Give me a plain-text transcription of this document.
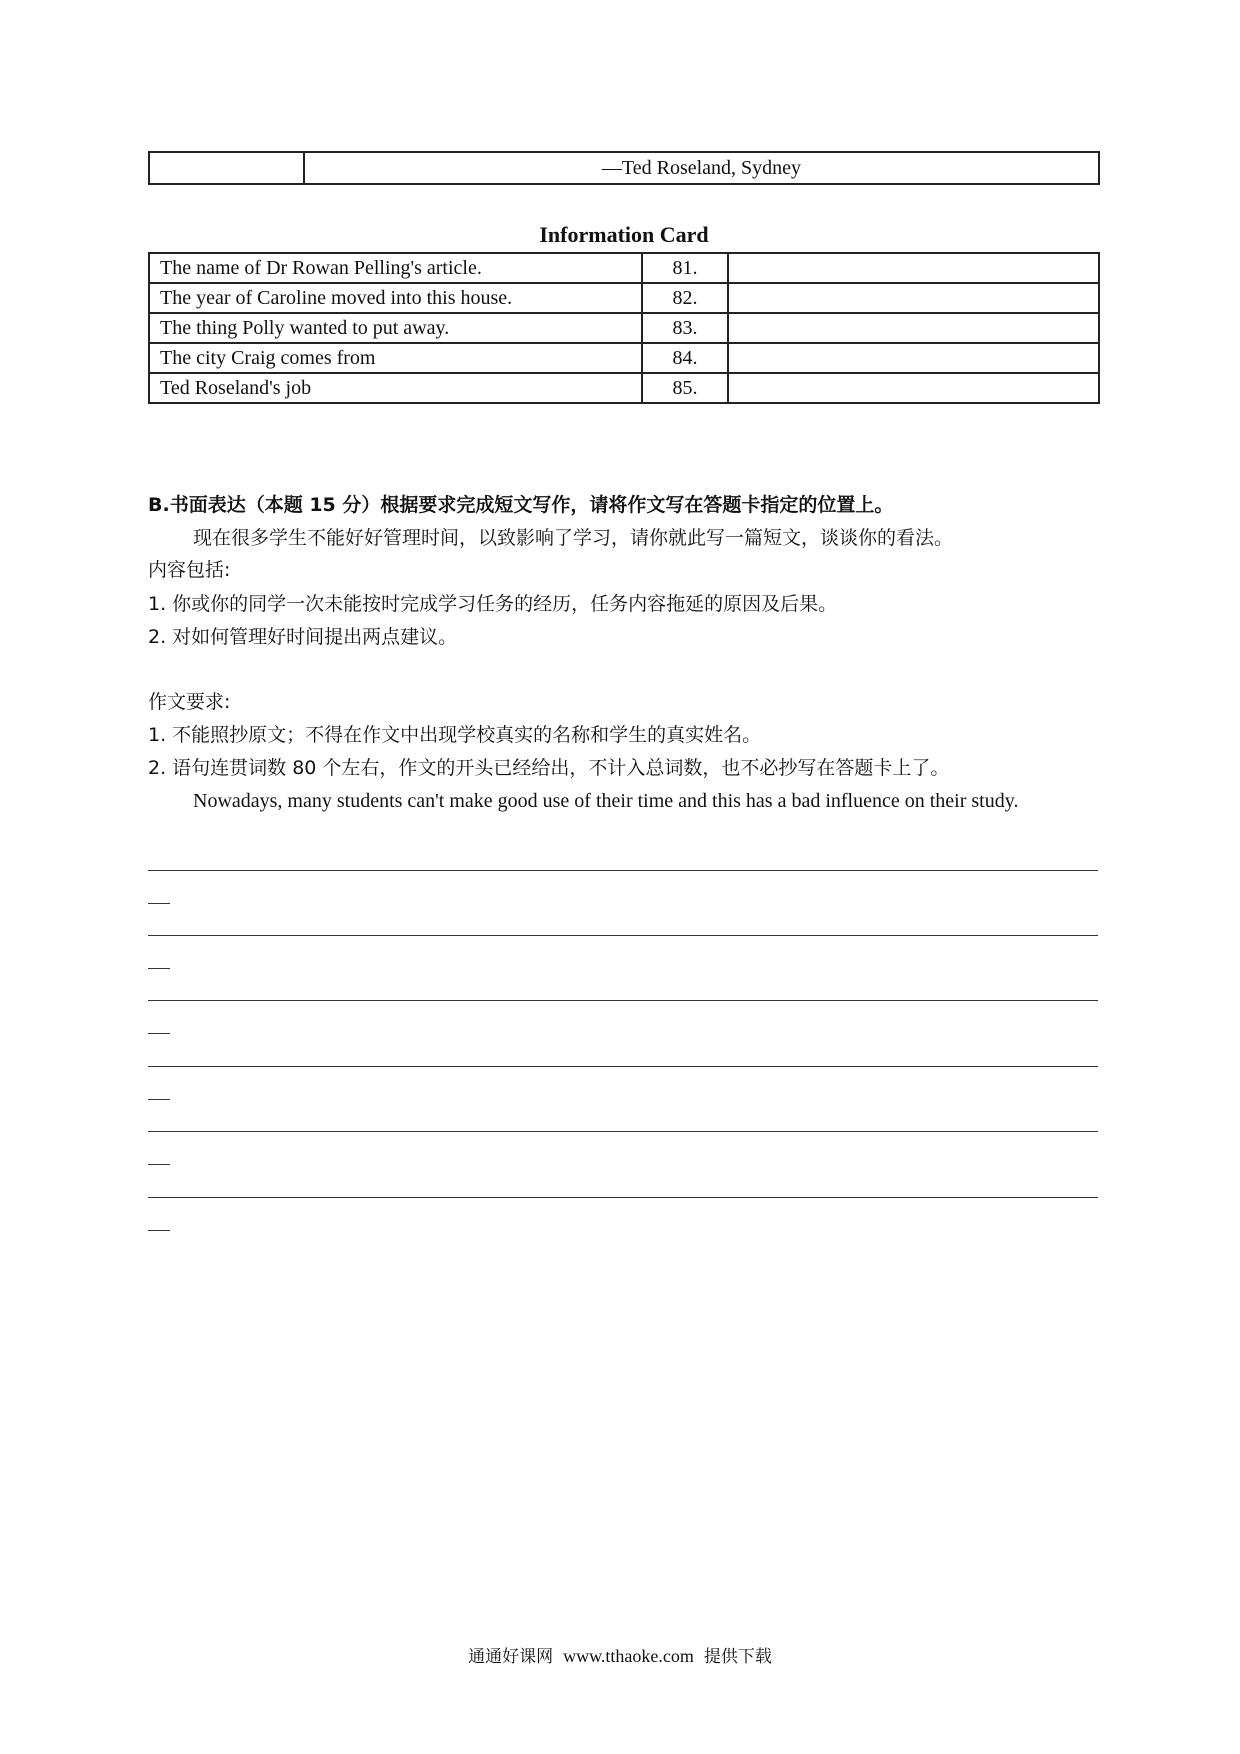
—Ted Roseland, Sydney
Information Card
The name of Dr Rowan Pelling's article.	81.	
The year of Caroline moved into this house.	82.	
The thing Polly wanted to put away.	83.	
The city Craig comes from	84.	
Ted Roseland's job	85.	
B.书面表达（本题 15 分）根据要求完成短文写作，请将作文写在答题卡指定的位置上。
现在很多学生不能好好管理时间，以致影响了学习，请你就此写一篇短文，谈谈你的看法。
内容包括:
1. 你或你的同学一次未能按时完成学习任务的经历，任务内容拖延的原因及后果。
2. 对如何管理好时间提出两点建议。
作文要求:
1. 不能照抄原文；不得在作文中出现学校真实的名称和学生的真实姓名。
2. 语句连贯词数 80 个左右，作文的开头已经给出，不计入总词数，也不必抄写在答题卡上了。
Nowadays, many students can't make good use of their time and this has a bad influence on their study.
通通好课网 www.tthaoke.com 提供下载
